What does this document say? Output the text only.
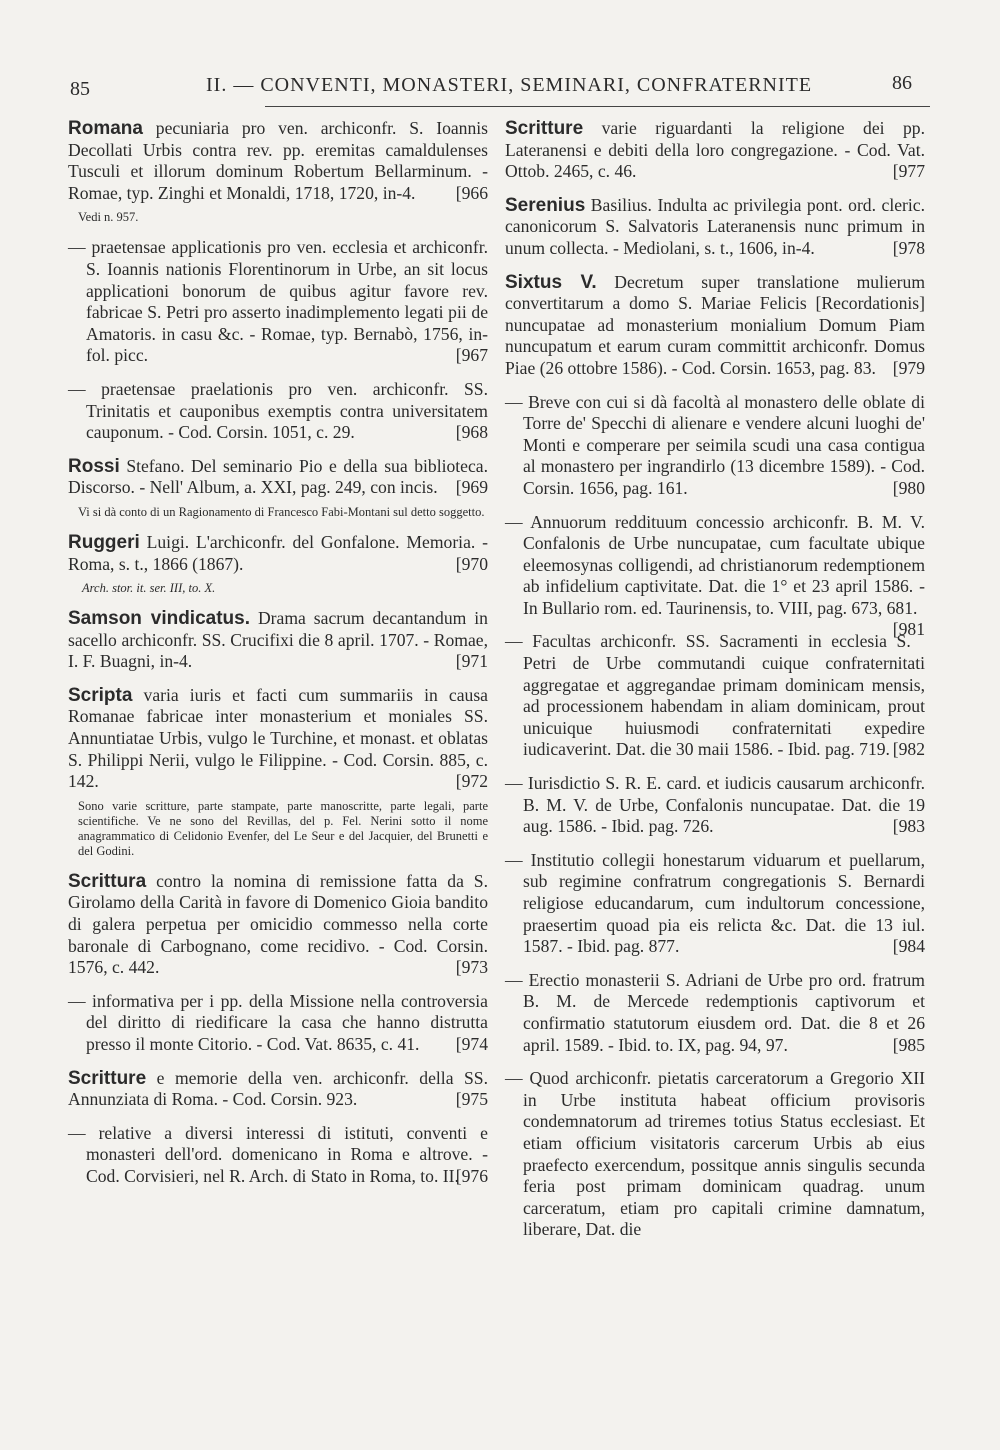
85	II. — CONVENTI, MONASTERI, SEMINARI, CONFRATERNITE	86

Romana pecuniaria pro ven. archiconfr. S. Ioannis Decollati Urbis contra rev. pp. eremitas camaldulenses Tusculi et illorum dominum Robertum Bellarminum. - Romae, typ. Zinghi et Monaldi, 1718, 1720, in-4. [966

Vedi n. 957.

— praetensae applicationis pro ven. ecclesia et archiconfr. S. Ioannis nationis Florentinorum in Urbe, an sit locus applicationi bonorum de quibus agitur favore rev. fabricae S. Petri pro asserto inadimplemento legati pii de Amatoris. in casu &c. - Romae, typ. Bernabò, 1756, in-fol. picc.	[967

— praetensae praelationis pro ven. archiconfr. SS. Trinitatis et cauponibus exemptis contra universitatem cauponum. - Cod. Corsin. 1051, c. 29.	[968

Rossi Stefano. Del seminario Pio e della sua biblioteca. Discorso. - Nell' Album, a. XXI, pag. 249, con incis. [969

Vi si dà conto di un Ragionamento di Francesco Fabi-Montani sul detto soggetto.

Ruggeri Luigi. L'archiconfr. del Gonfalone. Memoria. - Roma, s. t., 1866 (1867).	[970

Arch. stor. it. ser. III, to. X.

Samson vindicatus. Drama sacrum decantandum in sacello archiconfr. SS. Crucifixi die 8 april. 1707. - Romae, I. F. Buagni, in-4.	[971

Scripta varia iuris et facti cum summariis in causa Romanae fabricae inter monasterium et moniales SS. Annuntiatae Urbis, vulgo le Turchine, et monast. et oblatas S. Philippi Nerii, vulgo le Filippine. - Cod. Corsin. 885, c. 142.	[972

Sono varie scritture, parte stampate, parte manoscritte, parte legali, parte scientifiche. Ve ne sono del Revillas, del p. Fel. Nerini sotto il nome anagrammatico di Celidonio Evenfer, del Le Seur e del Jacquier, del Brunetti e del Godini.

Scrittura contro la nomina di remissione fatta da S. Girolamo della Carità in favore di Domenico Gioia bandito di galera perpetua per omicidio commesso nella corte baronale di Carbognano, come recidivo. - Cod. Corsin. 1576, c. 442.	[973

— informativa per i pp. della Missione nella controversia del diritto di riedificare la casa che hanno distrutta presso il monte Citorio. - Cod. Vat. 8635, c. 41. [974

Scritture e memorie della ven. archiconfr. della SS. Annunziata di Roma. - Cod. Corsin. 923.	[975

— relative a diversi interessi di istituti, conventi e monasteri dell'ord. domenicano in Roma e altrove. - Cod. Corvisieri, nel R. Arch. di Stato in Roma, to. II.
[976

Scritture varie riguardanti la religione dei pp. Lateranensi e debiti della loro congregazione. - Cod. Vat. Ottob. 2465, c. 46.	[977

Serenius Basilius. Indulta ac privilegia pont. ord. cleric. canonicorum S. Salvatoris Lateranensis nunc primum in unum collecta. - Mediolani, s. t., 1606, in-4.	[978

Sixtus V. Decretum super translatione mulierum convertitarum a domo S. Mariae Felicis [Recordationis] nuncupatae ad monasterium monialium Domum Piam nuncupatum et earum curam committit archiconfr. Domus Piae (26 ottobre 1586). - Cod. Corsin. 1653, pag. 83. [979

— Breve con cui si dà facoltà al monastero delle oblate di Torre de' Specchi di alienare e vendere alcuni luoghi de' Monti e comperare per seimila scudi una casa contigua al monastero per ingrandirlo (13 dicembre 1589). - Cod. Corsin. 1656, pag. 161.	[980

— Annuorum reddituum concessio archiconfr. B. M. V. Confalonis de Urbe nuncupatae, cum facultate ubique eleemosynas colligendi, ad christianorum redemptionem ab infidelium captivitate. Dat. die 1° et 23 april 1586. - In Bullario rom. ed. Taurinensis, to. VIII, pag. 673, 681.
[981

— Facultas archiconfr. SS. Sacramenti in ecclesia S. Petri de Urbe commutandi cuique confraternitati aggregatae et aggregandae primam dominicam mensis, ad processionem habendam in aliam dominicam, prout unicuique huiusmodi confraternitati expedire iudicaverint. Dat. die 30 maii 1586. - Ibid. pag. 719. [982

— Iurisdictio S. R. E. card. et iudicis causarum archiconfr. B. M. V. de Urbe, Confalonis nuncupatae. Dat. die 19 aug. 1586. - Ibid. pag. 726.	[983

— Institutio collegii honestarum viduarum et puellarum, sub regimine confratrum congregationis S. Bernardi religiose educandarum, cum indultorum concessione, praesertim quoad pia eis relicta &c. Dat. die 13 iul. 1587. - Ibid. pag. 877.	[984

— Erectio monasterii S. Adriani de Urbe pro ord. fratrum B. M. de Mercede redemptionis captivorum et confirmatio statutorum eiusdem ord. Dat. die 8 et 26 april. 1589. - Ibid. to. IX, pag. 94, 97.	[985

— Quod archiconfr. pietatis carceratorum a Gregorio XII in Urbe instituta habeat officium provisoris condemnatorum ad triremes totius Status ecclesiast. Et etiam officium visitatoris carcerum Urbis ab eius praefecto exercendum, possitque annis singulis secunda feria post primam dominicam quadrag. unum carceratum, etiam pro capitali crimine damnatum, liberare, Dat. die
